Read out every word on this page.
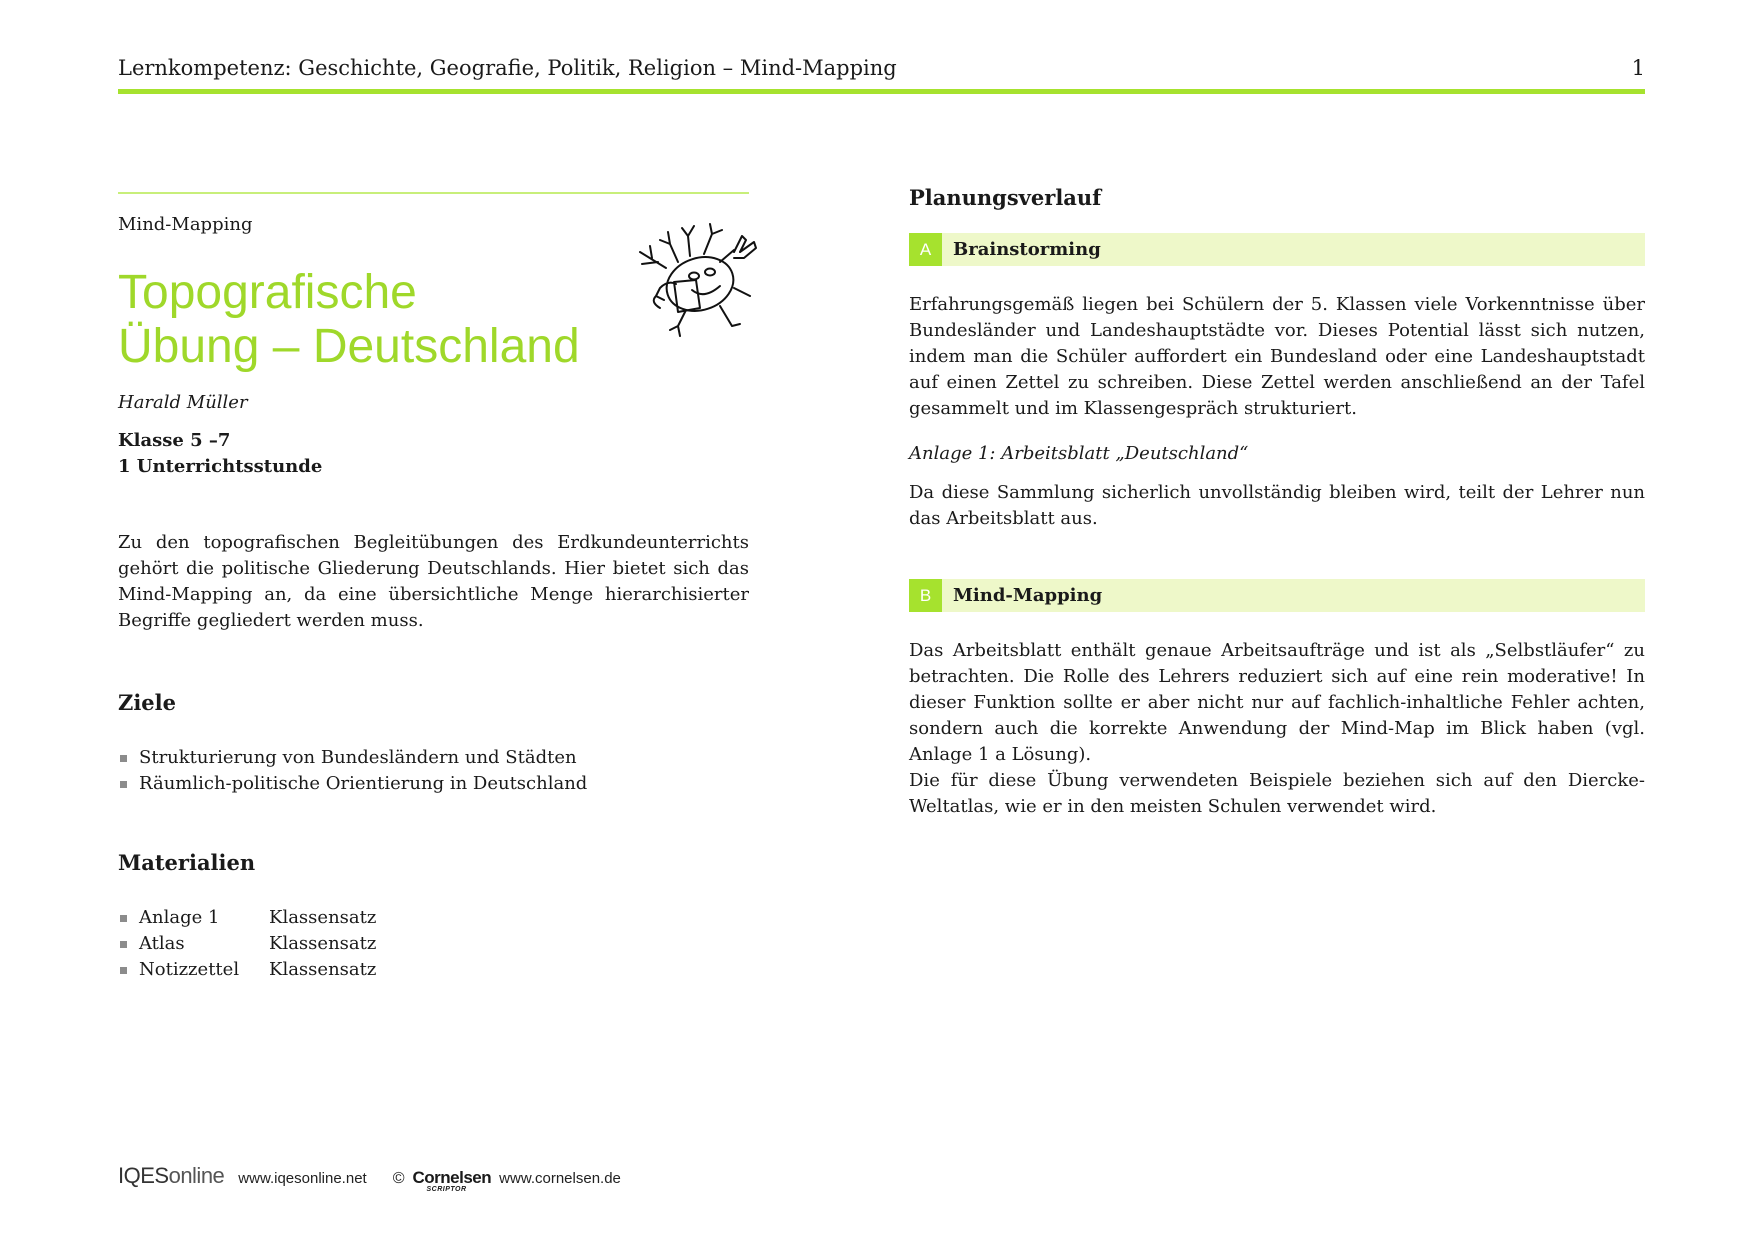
Lernkompetenz: Geschichte, Geografie, Politik, Religion – Mind-Mapping	1
Mind-Mapping
Topografische
Übung – Deutschland
Harald Müller
Klasse 5 –7
1 Unterrichtsstunde
Zu den topografischen Begleitübungen des Erdkundeunterrichts gehört die politische Gliederung Deutschlands. Hier bietet sich das Mind-Mapping an, da eine übersichtliche Menge hierarchisierter Begriffe gegliedert werden muss.
Ziele
Strukturierung von Bundesländern und Städten
Räumlich-politische Orientierung in Deutschland
Materialien
Anlage 1	Klassensatz
Atlas	Klassensatz
Notizzettel Klassensatz
Planungsverlauf
A	Brainstorming
Erfahrungsgemäß liegen bei Schülern der 5. Klassen viele Vorkenntnisse über Bundesländer und Landeshauptstädte vor. Dieses Potential lässt sich nutzen, indem man die Schüler auffordert ein Bundesland oder eine Landeshauptstadt auf einen Zettel zu schreiben. Diese Zettel werden anschließend an der Tafel gesammelt und im Klassengespräch strukturiert.
Anlage 1: Arbeitsblatt „Deutschland“
Da diese Sammlung sicherlich unvollständig bleiben wird, teilt der Lehrer nun das Arbeitsblatt aus.
B	Mind-Mapping
Das Arbeitsblatt enthält genaue Arbeitsaufträge und ist als „Selbstläufer“ zu betrachten. Die Rolle des Lehrers reduziert sich auf eine rein moderative! In dieser Funktion sollte er aber nicht nur auf fachlich-inhaltliche Fehler achten, sondern auch die korrekte Anwendung der Mind-Map im Blick haben (vgl. Anlage 1 a Lösung).
Die für diese Übung verwendeten Beispiele beziehen sich auf den Diercke-Weltatlas, wie er in den meisten Schulen verwendet wird.
IQESonline www.iqesonline.net © Cornelsen
SCRIPTOR
www.cornelsen.de
